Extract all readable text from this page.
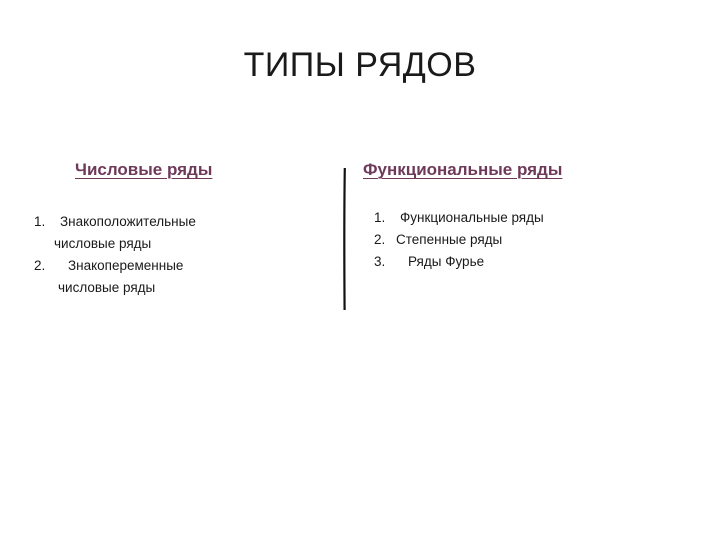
ТИПЫ РЯДОВ
Числовые ряды	Функциональные ряды
1. Знакоположительные
числовые ряды
2. Знакопеременные
числовые ряды
1. Функциональные ряды
2. Степенные ряды
3. Ряды Фурье
